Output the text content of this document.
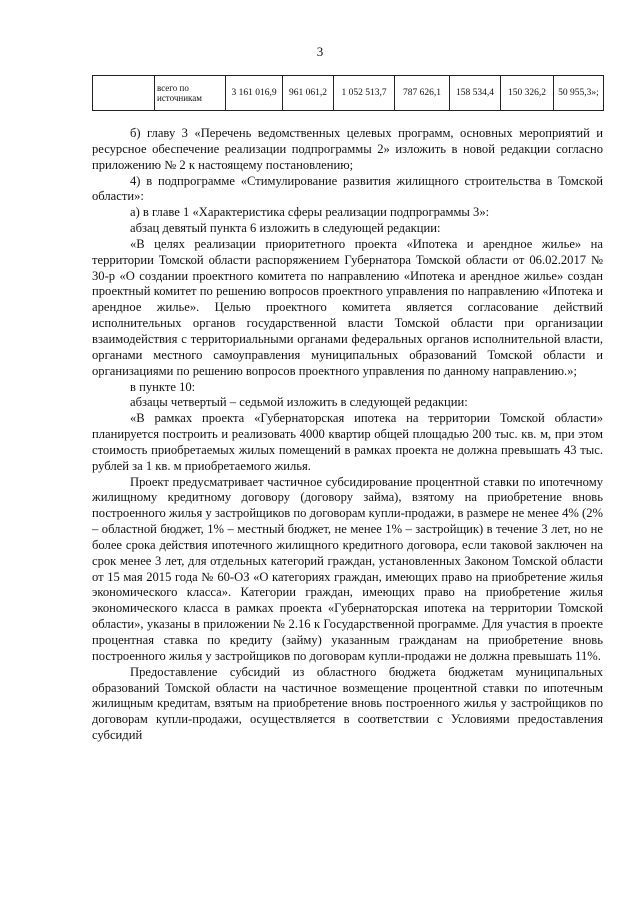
3
	всего по источникам	3 161 016,9	961 061,2	1 052 513,7	787 626,1	158 534,4	150 326,2	50 955,3»;

б) главу 3 «Перечень ведомственных целевых программ, основных мероприятий и ресурсное обеспечение реализации подпрограммы 2» изложить в новой редакции согласно приложению № 2 к настоящему постановлению;

4) в подпрограмме «Стимулирование развития жилищного строительства в Томской области»:

а) в главе 1 «Характеристика сферы реализации подпрограммы 3»:

абзац девятый пункта 6 изложить в следующей редакции:

«В целях реализации приоритетного проекта «Ипотека и арендное жилье» на территории Томской области распоряжением Губернатора Томской области от 06.02.2017 № 30-р «О создании проектного комитета по направлению «Ипотека и арендное жилье» создан проектный комитет по решению вопросов проектного управления по направлению «Ипотека и арендное жилье». Целью проектного комитета является согласование действий исполнительных органов государственной власти Томской области при организации взаимодействия с территориальными органами федеральных органов исполнительной власти, органами местного самоуправления муниципальных образований Томской области и организациями по решению вопросов проектного управления по данному направлению.»;

в пункте 10:

абзацы четвертый – седьмой изложить в следующей редакции:

«В рамках проекта «Губернаторская ипотека на территории Томской области» планируется построить и реализовать 4000 квартир общей площадью 200 тыс. кв. м, при этом стоимость приобретаемых жилых помещений в рамках проекта не должна превышать 43 тыс. рублей за 1 кв. м приобретаемого жилья.

Проект предусматривает частичное субсидирование процентной ставки по ипотечному жилищному кредитному договору (договору займа), взятому на приобретение вновь построенного жилья у застройщиков по договорам купли-продажи, в размере не менее 4% (2% – областной бюджет, 1% – местный бюджет, не менее 1% – застройщик) в течение 3 лет, но не более срока действия ипотечного жилищного кредитного договора, если таковой заключен на срок менее 3 лет, для отдельных категорий граждан, установленных Законом Томской области от 15 мая 2015 года № 60-ОЗ «О категориях граждан, имеющих право на приобретение жилья экономического класса». Категории граждан, имеющих право на приобретение жилья экономического класса в рамках проекта «Губернаторская ипотека на территории Томской области», указаны в приложении № 2.16 к Государственной программе. Для участия в проекте процентная ставка по кредиту (займу) указанным гражданам на приобретение вновь построенного жилья у застройщиков по договорам купли-продажи не должна превышать 11%.

Предоставление субсидий из областного бюджета бюджетам муниципальных образований Томской области на частичное возмещение процентной ставки по ипотечным жилищным кредитам, взятым на приобретение вновь построенного жилья у застройщиков по договорам купли-продажи, осуществляется в соответствии с Условиями предоставления субсидий
